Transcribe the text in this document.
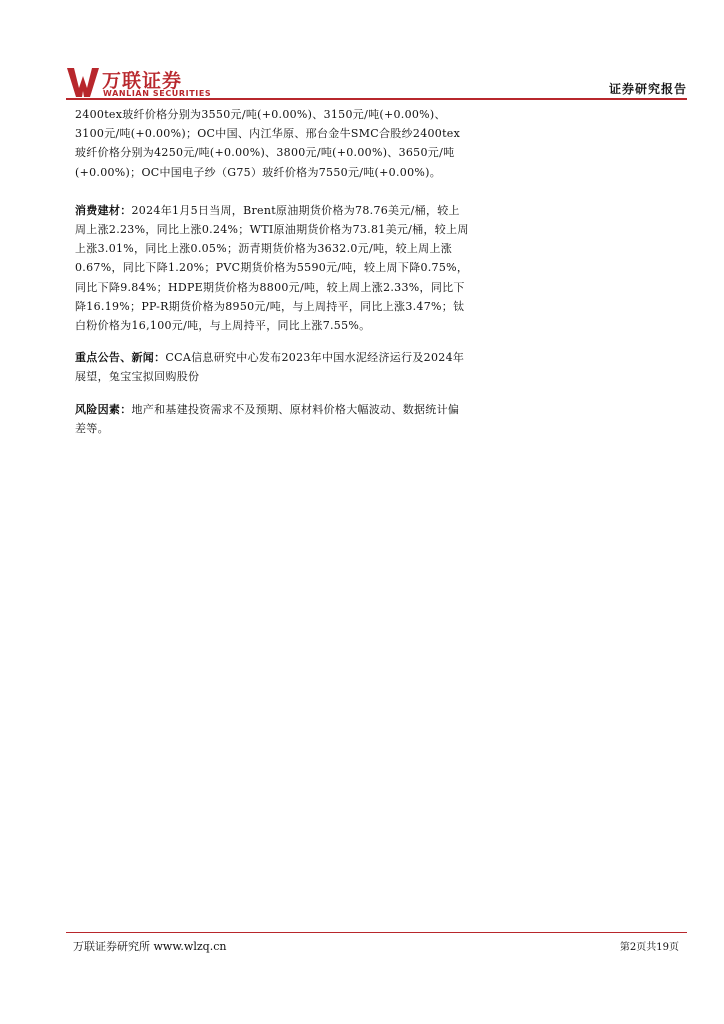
万联证券
WANLIAN SECURITIES	证券研究报告

2400tex玻纤价格分别为3550元/吨(+0.00%)、3150元/吨(+0.00%)、3100元/吨(+0.00%)；OC中国、内江华原、邢台金牛SMC合股纱2400tex玻纤价格分别为4250元/吨(+0.00%)、3800元/吨(+0.00%)、3650元/吨(+0.00%)；OC中国电子纱（G75）玻纤价格为7550元/吨(+0.00%)。

消费建材：2024年1月5日当周，Brent原油期货价格为78.76美元/桶，较上周上涨2.23%，同比上涨0.24%；WTI原油期货价格为73.81美元/桶，较上周上涨3.01%，同比上涨0.05%；沥青期货价格为3632.0元/吨，较上周上涨0.67%，同比下降1.20%；PVC期货价格为5590元/吨，较上周下降0.75%，同比下降9.84%；HDPE期货价格为8800元/吨，较上周上涨2.33%，同比下降16.19%；PP-R期货价格为8950元/吨，与上周持平，同比上涨3.47%；钛白粉价格为16,100元/吨，与上周持平，同比上涨7.55%。

重点公告、新闻：CCA信息研究中心发布2023年中国水泥经济运行及2024年展望，兔宝宝拟回购股份

风险因素：地产和基建投资需求不及预期、原材料价格大幅波动、数据统计偏差等。

万联证券研究所 www.wlzq.cn	第2页共19页
